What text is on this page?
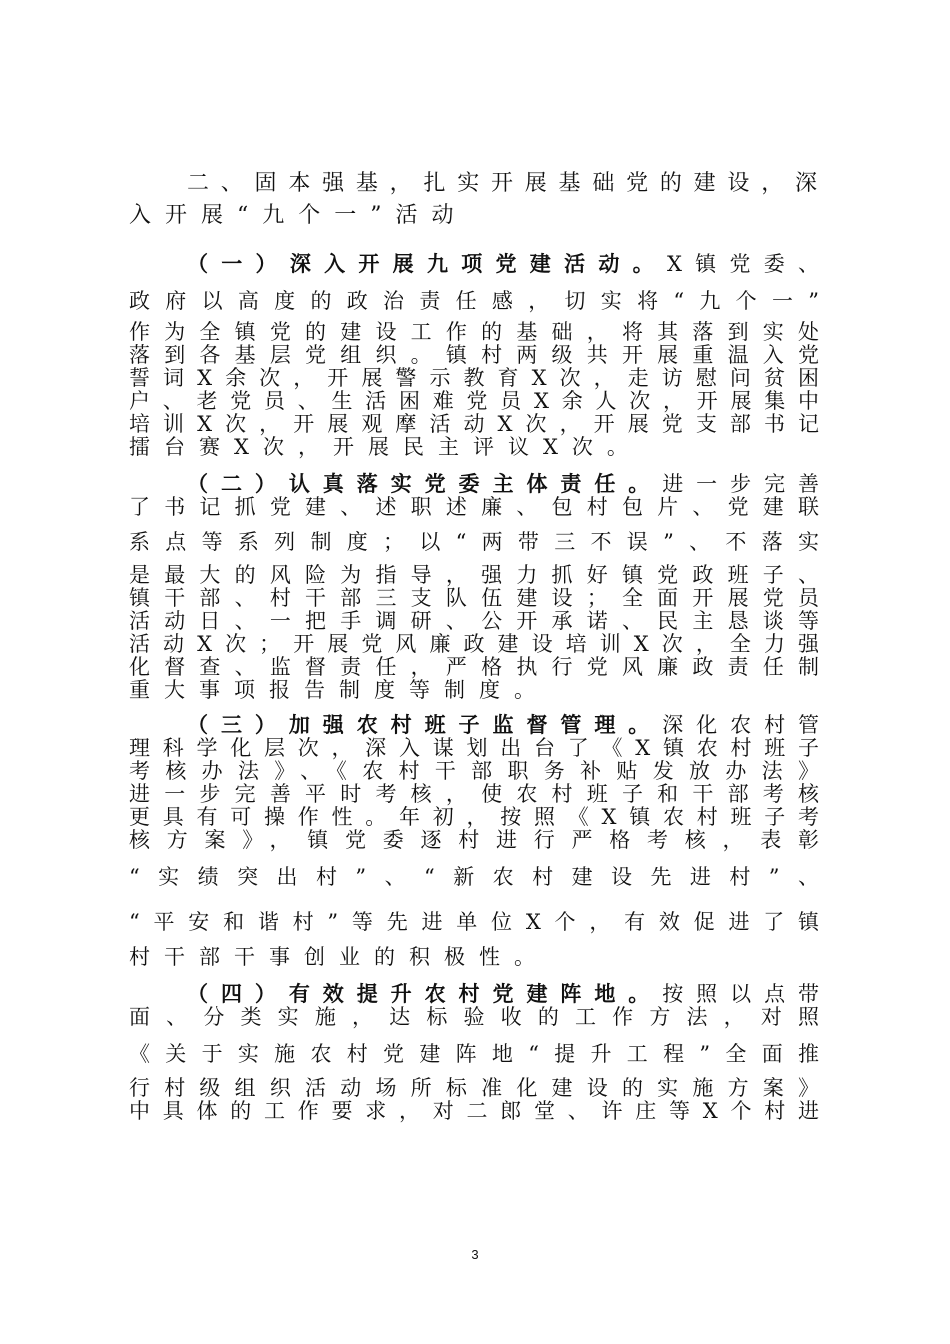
二、固本强基，扎实开展基础党的建设，深
入开展“九个一”活动
（一）深入开展九项党建活动。X镇党委、
政府以高度的政治责任感，切实将“九个一”
作为全镇党的建设工作的基础，将其落到实处
落到各基层党组织。镇村两级共开展重温入党
誓词X余次，开展警示教育X次，走访慰问贫困
户、老党员、生活困难党员X余人次，开展集中
培训X次，开展观摩活动X次，开展党支部书记
擂台赛X次，开展民主评议X次。
（二）认真落实党委主体责任。进一步完善
了书记抓党建、述职述廉、包村包片、党建联
系点等系列制度；以“两带三不误”、不落实
是最大的风险为指导，强力抓好镇党政班子、
镇干部、村干部三支队伍建设；全面开展党员
活动日、一把手调研、公开承诺、民主恳谈等
活动X次；开展党风廉政建设培训X次，全力强
化督查、监督责任，严格执行党风廉政责任制
重大事项报告制度等制度。
（三）加强农村班子监督管理。深化农村管
理科学化层次，深入谋划出台了《X镇农村班子
考核办法》、《农村干部职务补贴发放办法》
进一步完善平时考核，使农村班子和干部考核
更具有可操作性。年初，按照《X镇农村班子考
核方案》，镇党委逐村进行严格考核，表彰
“实绩突出村”、“新农村建设先进村”、
“平安和谐村”等先进单位X个，有效促进了镇
村干部干事创业的积极性。
（四）有效提升农村党建阵地。按照以点带
面、分类实施，达标验收的工作方法，对照
《关于实施农村党建阵地“提升工程”全面推
行村级组织活动场所标准化建设的实施方案》
中具体的工作要求，对二郎堂、许庄等X个村进
3
